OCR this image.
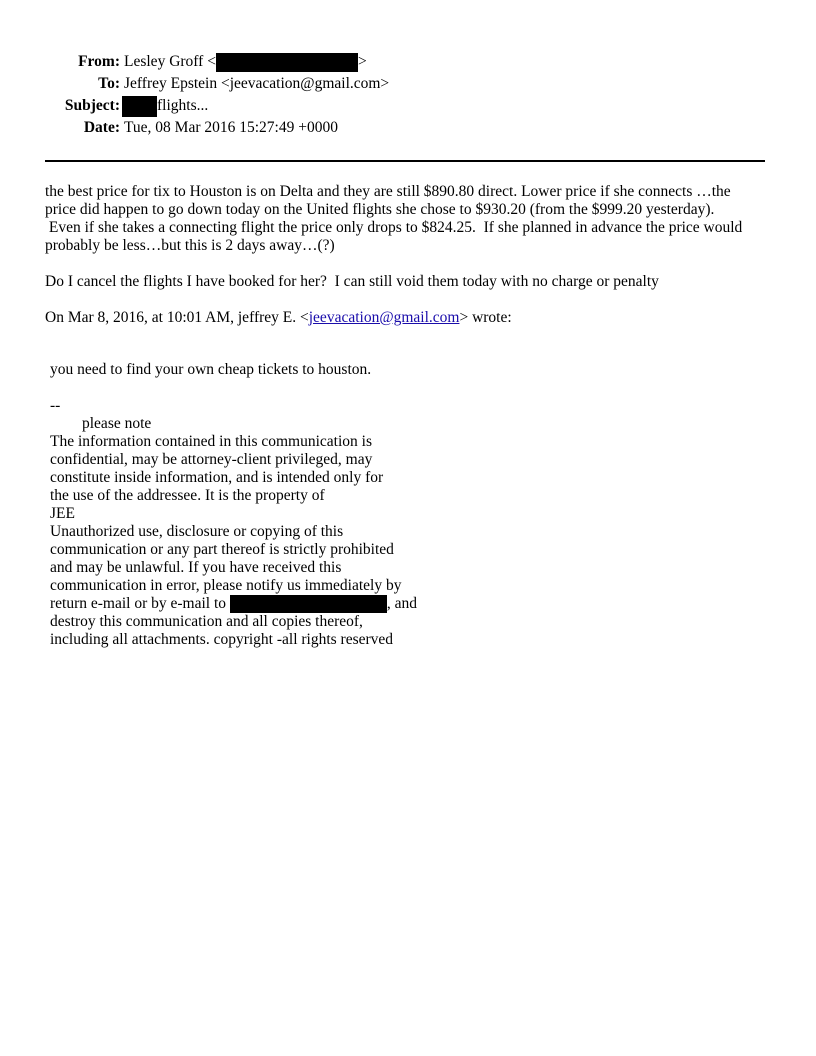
From: Lesley Groff <	>
To: Jeffrey Epstein <jeevacation@gmail.com>
Subject:	flights...
Date: Tue, 08 Mar 2016 15:27:49 +0000
the best price for tix to Houston is on Delta and they are still $890.80 direct. Lower price if she connects …the
price did happen to go down today on the United flights she chose to $930.20 (from the $999.20 yesterday).
Even if she takes a connecting flight the price only drops to $824.25.  If she planned in advance the price would
probably be less…but this is 2 days away…(?)
Do I cancel the flights I have booked for her?  I can still void them today with no charge or penalty
On Mar 8, 2016, at 10:01 AM, jeffrey E. <jeevacation@gmail.com> wrote:
you need to find your own cheap tickets to houston.
--
please note
The information contained in this communication is
confidential, may be attorney-client privileged, may
constitute inside information, and is intended only for
the use of the addressee. It is the property of
JEE
Unauthorized use, disclosure or copying of this
communication or any part thereof is strictly prohibited
and may be unlawful. If you have received this
communication in error, please notify us immediately by
return e-mail or by e-mail to	, and
destroy this communication and all copies thereof,
including all attachments. copyright -all rights reserved
